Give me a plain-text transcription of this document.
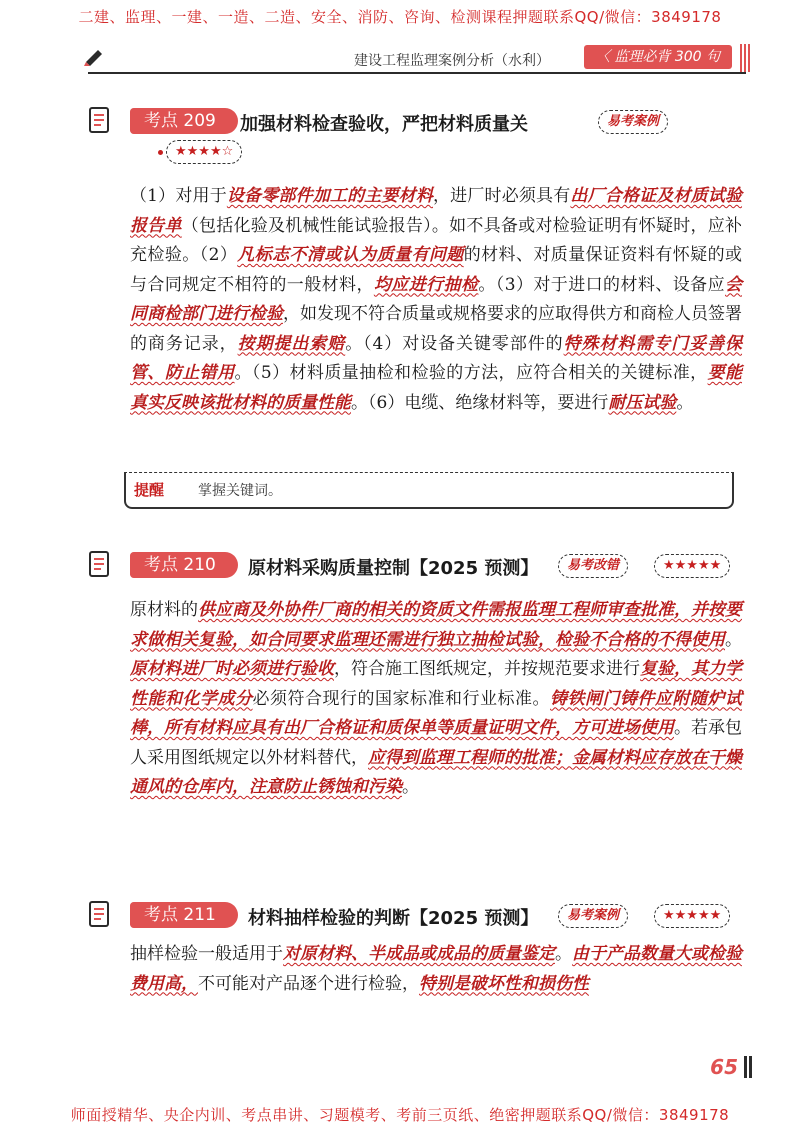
二建、监理、一建、一造、二造、安全、消防、咨询、检测课程押题联系QQ/微信：3849178
建设工程监理案例分析（水利）	〈 监理必背 300 句
考点 209	加强材料检查验收，严把材料质量关	易考案例
★★★★☆

（1）对用于设备零部件加工的主要材料，进厂时必须具有出厂合格证及材质试验报告单（包括化验及机械性能试验报告）。如不具备或对检验证明有怀疑时，应补充检验。（2）凡标志不清或认为质量有问题的材料、对质量保证资料有怀疑的或与合同规定不相符的一般材料，均应进行抽检。（3）对于进口的材料、设备应会同商检部门进行检验，如发现不符合质量或规格要求的应取得供方和商检人员签署的商务记录，按期提出索赔。（4）对设备关键零部件的特殊材料需专门妥善保管、防止错用。（5）材料质量抽检和检验的方法，应符合相关的关键标准，要能真实反映该批材料的质量性能。（6）电缆、绝缘材料等，要进行耐压试验。

提醒 掌握关键词。
考点 210	原材料采购质量控制【2025 预测】	易考改错	★★★★★

原材料的供应商及外协件厂商的相关的资质文件需报监理工程师审查批准，并按要求做相关复验，如合同要求监理还需进行独立抽检试验，检验不合格的不得使用。

原材料进厂时必须进行验收，符合施工图纸规定，并按规范要求进行复验，其力学性能和化学成分必须符合现行的国家标准和行业标准。铸铁闸门铸件应附随炉试棒，所有材料应具有出厂合格证和质保单等质量证明文件，方可进场使用。若承包人采用图纸规定以外材料替代，应得到监理工程师的批准；金属材料应存放在干燥通风的仓库内，注意防止锈蚀和污染。

考点 211	材料抽样检验的判断【2025 预测】	易考案例	★★★★★

抽样检验一般适用于对原材料、半成品或成品的质量鉴定。由于产品数量大或检验费用高，不可能对产品逐个进行检验，特别是破坏性和损伤性

65
师面授精华、央企内训、考点串讲、习题模考、考前三页纸、绝密押题联系QQ/微信：3849178
